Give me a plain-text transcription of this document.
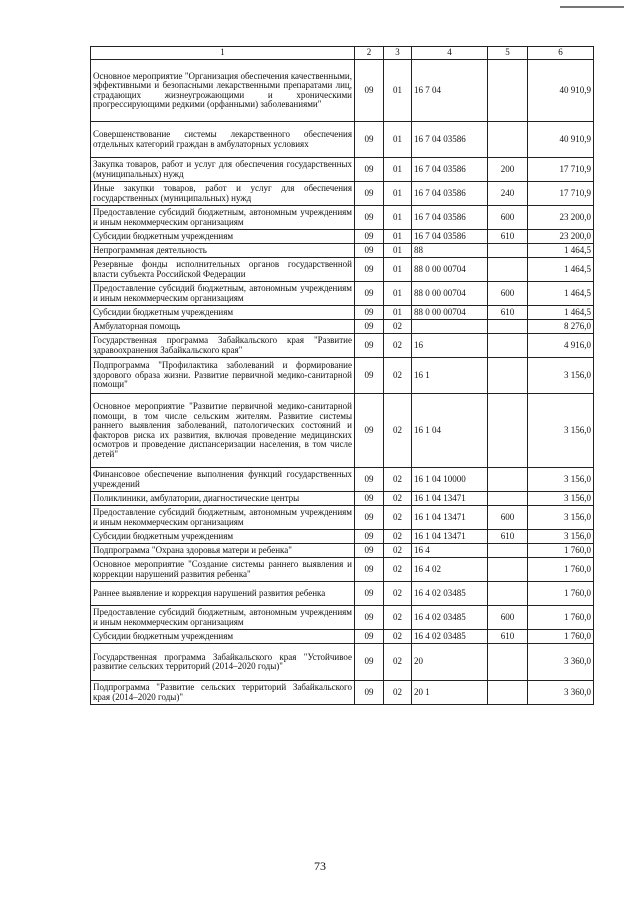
1	2	3	4	5	6
Основное мероприятие "Организация обеспечения качественными, эффективными и безопасными лекарственными препаратами лиц, страдающих жизнеугрожающими и хроническими прогрессирующими редкими (орфанными) заболеваниями"	09	01	16 7 04		40 910,9
Совершенствование системы лекарственного обеспечения отдельных категорий граждан в амбулаторных условиях	09	01	16 7 04 03586		40 910,9
Закупка товаров, работ и услуг для обеспечения государственных (муниципальных) нужд	09	01	16 7 04 03586	200	17 710,9
Иные закупки товаров, работ и услуг для обеспечения государственных (муниципальных) нужд	09	01	16 7 04 03586	240	17 710,9
Предоставление субсидий бюджетным, автономным учреждениям и иным некоммерческим организациям	09	01	16 7 04 03586	600	23 200,0
Субсидии бюджетным учреждениям	09	01	16 7 04 03586	610	23 200,0
Непрограммная деятельность	09	01	88		1 464,5
Резервные фонды исполнительных органов государственной власти субъекта Российской Федерации	09	01	88 0 00 00704		1 464,5
Предоставление субсидий бюджетным, автономным учреждениям и иным некоммерческим организациям	09	01	88 0 00 00704	600	1 464,5
Субсидии бюджетным учреждениям	09	01	88 0 00 00704	610	1 464,5
Амбулаторная помощь	09	02			8 276,0
Государственная программа Забайкальского края "Развитие здравоохранения Забайкальского края"	09	02	16		4 916,0
Подпрограмма "Профилактика заболеваний и формирование здорового образа жизни. Развитие первичной медико-санитарной помощи"	09	02	16 1		3 156,0
Основное мероприятие "Развитие первичной медико-санитарной помощи, в том числе сельским жителям. Развитие системы раннего выявления заболеваний, патологических состояний и факторов риска их развития, включая проведение медицинских осмотров и проведение диспансеризации населения, в том числе детей"	09	02	16 1 04		3 156,0
Финансовое обеспечение выполнения функций государственных учреждений	09	02	16 1 04 10000		3 156,0
Поликлиники, амбулатории, диагностические центры	09	02	16 1 04 13471		3 156,0
Предоставление субсидий бюджетным, автономным учреждениям и иным некоммерческим организациям	09	02	16 1 04 13471	600	3 156,0
Субсидии бюджетным учреждениям	09	02	16 1 04 13471	610	3 156,0
Подпрограмма "Охрана здоровья матери и ребенка"	09	02	16 4		1 760,0
Основное мероприятие "Создание системы раннего выявления и коррекции нарушений развития ребенка"	09	02	16 4 02		1 760,0
Раннее выявление и коррекция нарушений развития ребенка	09	02	16 4 02 03485		1 760,0
Предоставление субсидий бюджетным, автономным учреждениям и иным некоммерческим организациям	09	02	16 4 02 03485	600	1 760,0
Субсидии бюджетным учреждениям	09	02	16 4 02 03485	610	1 760,0
Государственная программа Забайкальского края "Устойчивое развитие сельских территорий (2014–2020 годы)"	09	02	20		3 360,0
Подпрограмма "Развитие сельских территорий Забайкальского края (2014–2020 годы)"	09	02	20 1		3 360,0
73
